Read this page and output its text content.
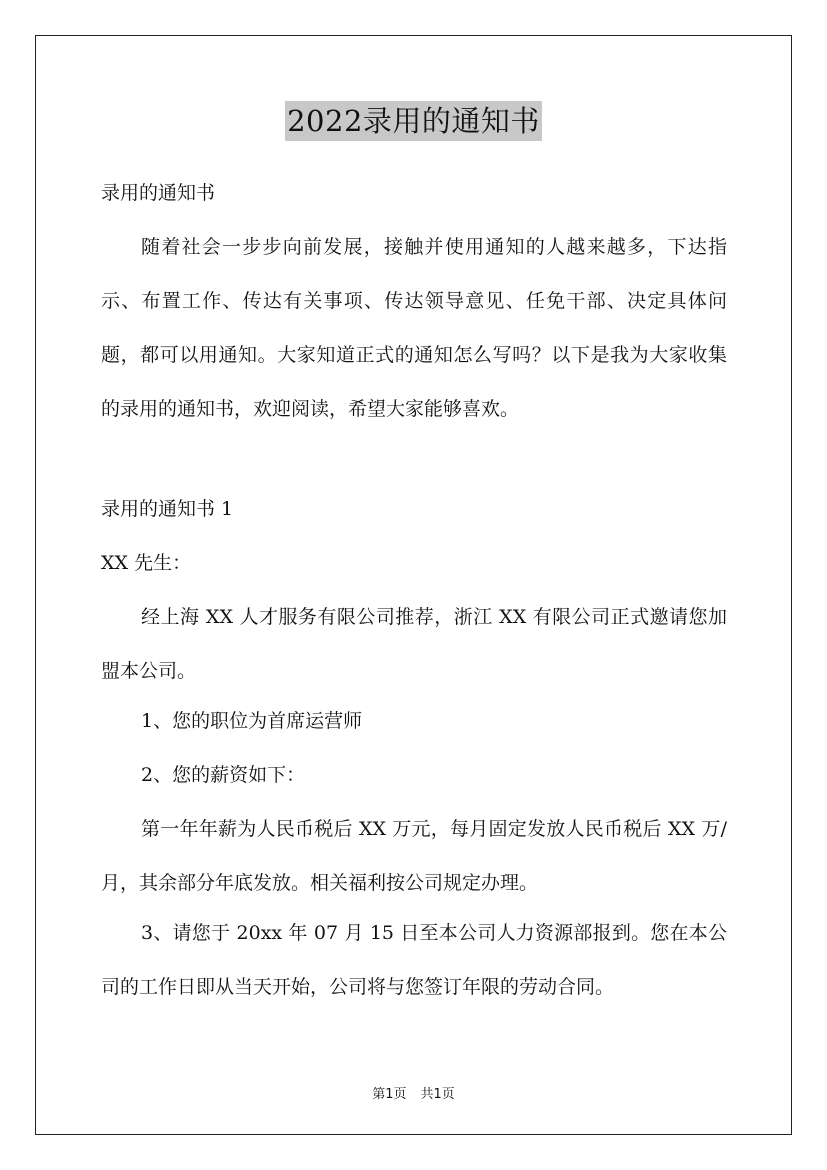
2022录用的通知书
录用的通知书
随着社会一步步向前发展，接触并使用通知的人越来越多，下达指示、布置工作、传达有关事项、传达领导意见、任免干部、决定具体问题，都可以用通知。大家知道正式的通知怎么写吗？以下是我为大家收集的录用的通知书，欢迎阅读，希望大家能够喜欢。
录用的通知书 1
XX 先生：
经上海 XX 人才服务有限公司推荐，浙江 XX 有限公司正式邀请您加盟本公司。
1、您的职位为首席运营师
2、您的薪资如下：
第一年年薪为人民币税后 XX 万元，每月固定发放人民币税后 XX 万/月，其余部分年底发放。相关福利按公司规定办理。
3、请您于 20xx 年 07 月 15 日至本公司人力资源部报到。您在本公司的工作日即从当天开始，公司将与您签订年限的劳动合同。
第1页 共1页
